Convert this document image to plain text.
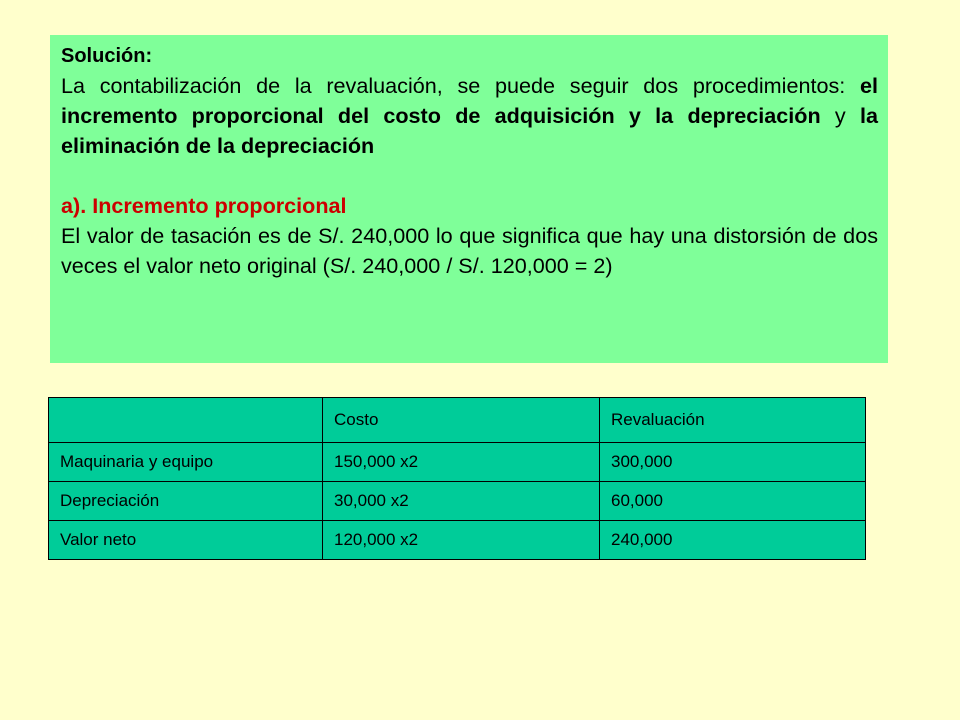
Solución:

La contabilización de la revaluación, se puede seguir dos procedimientos: el incremento proporcional del costo de adquisición y la depreciación y la eliminación de la depreciación

a). Incremento proporcional

El valor de tasación es de S/. 240,000 lo que significa que hay una distorsión de dos veces el valor neto original (S/. 240,000 / S/. 120,000 = 2)

	Costo	Revaluación
Maquinaria y equipo	150,000 x2	300,000
Depreciación	30,000 x2	60,000
Valor neto	120,000 x2	240,000
